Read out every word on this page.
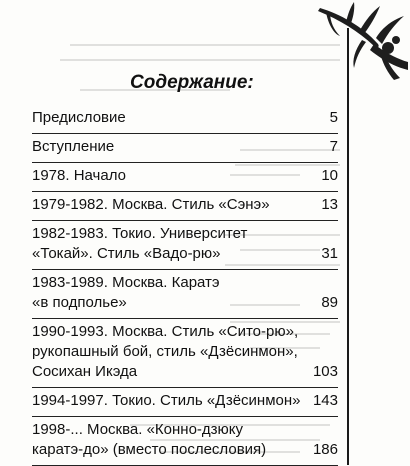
Содержание:
Предисловие	5
Вступление	7
1978. Начало	10
1979-1982. Москва. Стиль «Сэнэ»	13
1982-1983. Токио. Университет
«Токай». Стиль «Вадо-рю»	31
1983-1989. Москва. Каратэ
«в подполье»	89
1990-1993. Москва. Стиль «Сито-рю»,
рукопашный бой, стиль «Дзёсинмон»,
Сосихан Икэда	103
1994-1997. Токио. Стиль «Дзёсинмон» 143
1998-... Москва. «Конно-дзюку
каратэ-до» (вместо послесловия)	186
